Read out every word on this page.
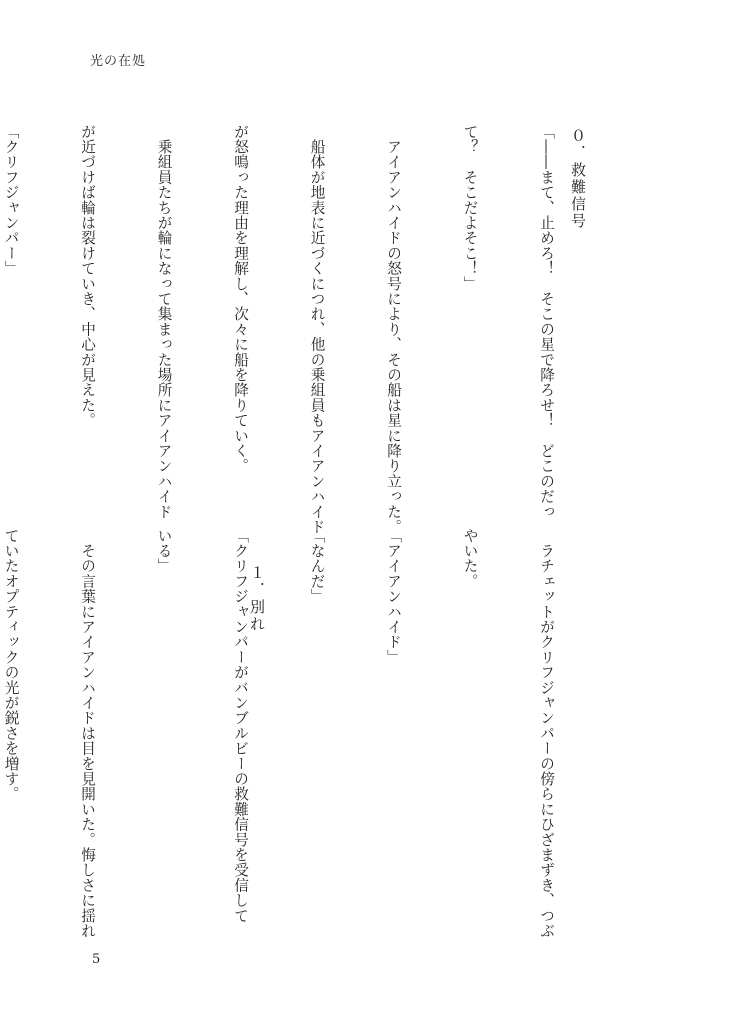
光の在処
０．救難信号

「――まて、止めろ！　そこの星で降ろせ！　どこのだっ

て？　そこだよそこ！」

　アイアンハイドの怒号により、その船は星に降り立った。

　船体が地表に近づくにつれ、他の乗組員もアイアンハイド

が怒鳴った理由を理解し、次々に船を降りていく。

　乗組員たちが輪になって集まった場所にアイアンハイド

が近づけば輪は裂けていき、中心が見えた。

「クリフジャンパー」

　ラチェットがクリフジャンパーの傍らにひざまずき、つぶ

やいた。

「アイアンハイド」

「なんだ」

「クリフジャンパーがバンブルビーの救難信号を受信して

いる」

　その言葉にアイアンハイドは目を見開いた。悔しさに揺れ

ていたオプティックの光が鋭さを増す。

	１．別れ
5
